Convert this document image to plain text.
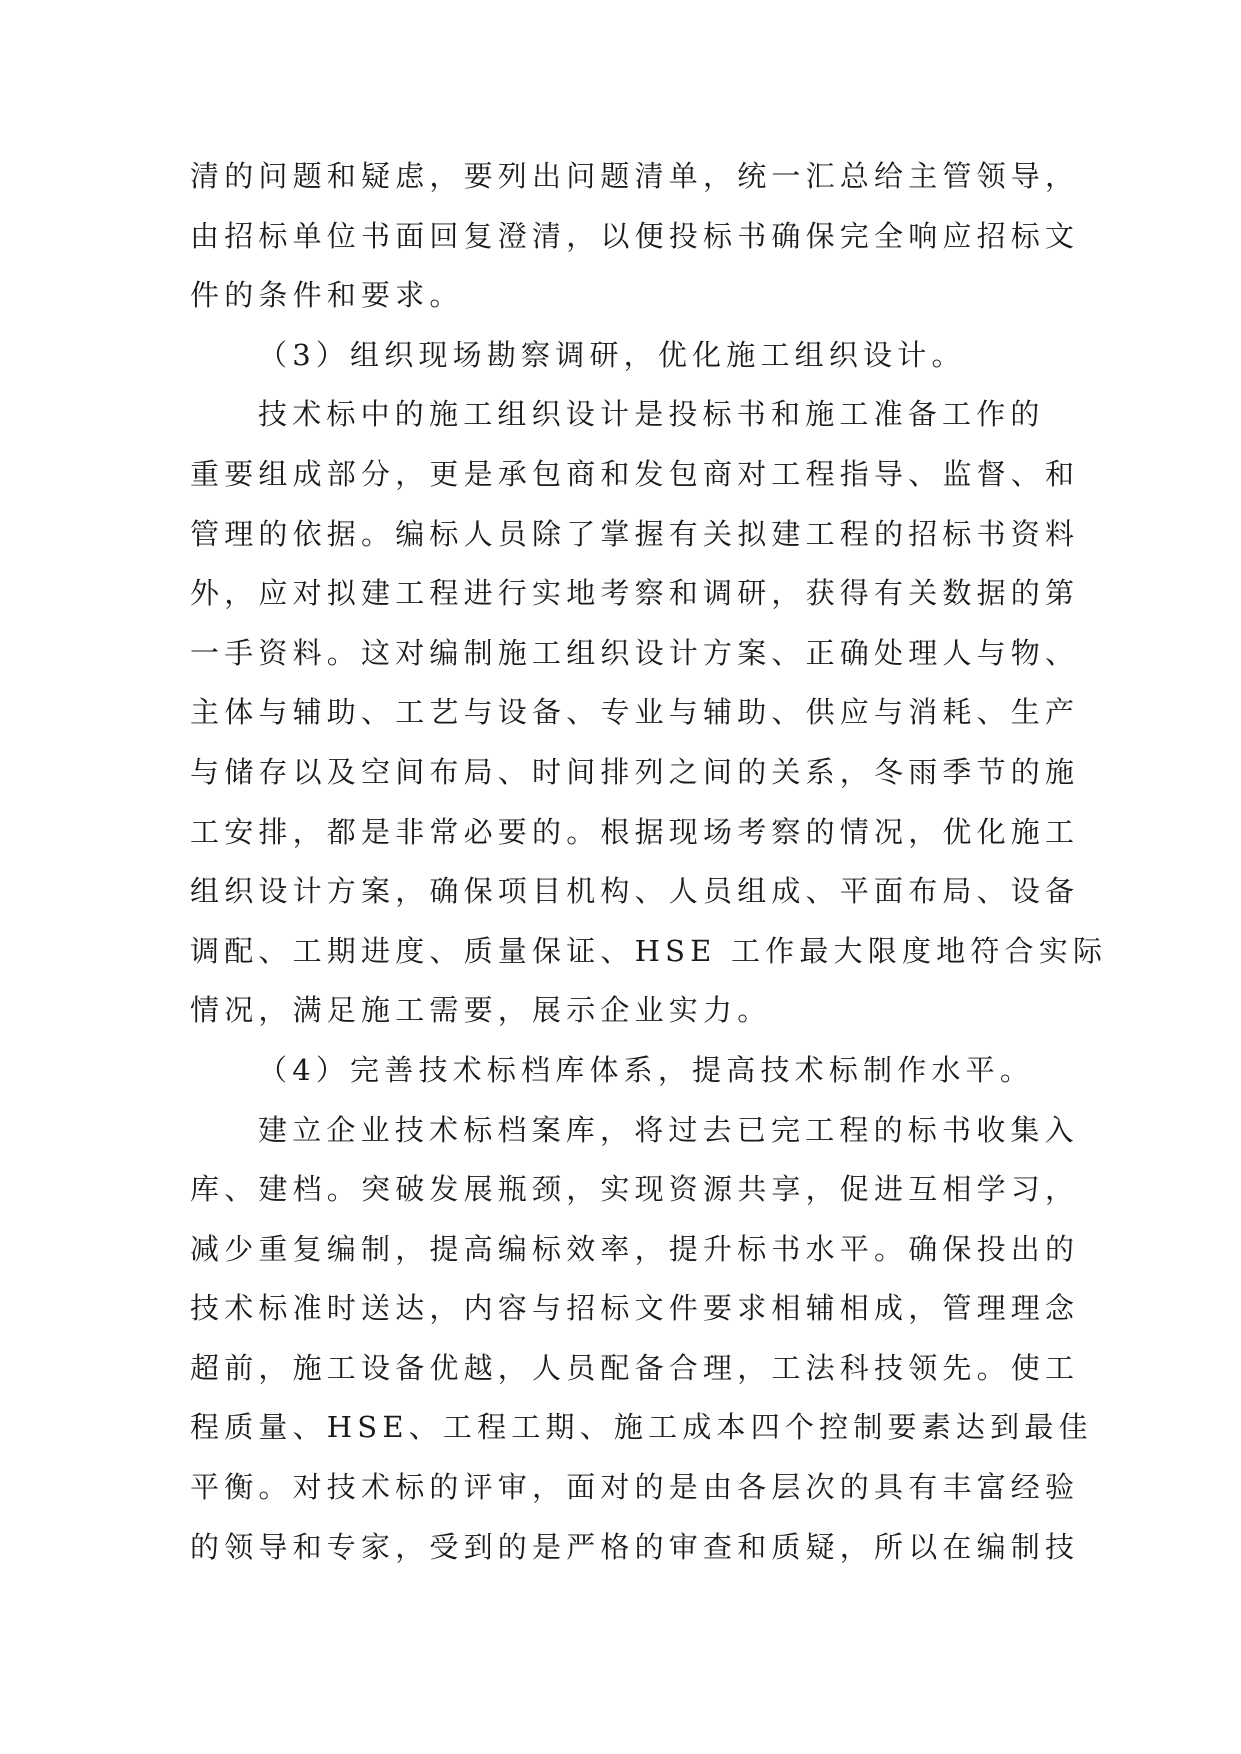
清的问题和疑虑，要列出问题清单，统一汇总给主管领导，
由招标单位书面回复澄清，以便投标书确保完全响应招标文
件的条件和要求。
（3）组织现场勘察调研，优化施工组织设计。
技术标中的施工组织设计是投标书和施工准备工作的
重要组成部分，更是承包商和发包商对工程指导、监督、和
管理的依据。编标人员除了掌握有关拟建工程的招标书资料
外，应对拟建工程进行实地考察和调研，获得有关数据的第
一手资料。这对编制施工组织设计方案、正确处理人与物、
主体与辅助、工艺与设备、专业与辅助、供应与消耗、生产
与储存以及空间布局、时间排列之间的关系，冬雨季节的施
工安排，都是非常必要的。根据现场考察的情况，优化施工
组织设计方案，确保项目机构、人员组成、平面布局、设备
调配、工期进度、质量保证、HSE 工作最大限度地符合实际
情况，满足施工需要，展示企业实力。
（4）完善技术标档库体系，提高技术标制作水平。
建立企业技术标档案库，将过去已完工程的标书收集入
库、建档。突破发展瓶颈，实现资源共享，促进互相学习，
减少重复编制，提高编标效率，提升标书水平。确保投出的
技术标准时送达，内容与招标文件要求相辅相成，管理理念
超前，施工设备优越，人员配备合理，工法科技领先。使工
程质量、HSE、工程工期、施工成本四个控制要素达到最佳
平衡。对技术标的评审，面对的是由各层次的具有丰富经验
的领导和专家，受到的是严格的审查和质疑，所以在编制技
